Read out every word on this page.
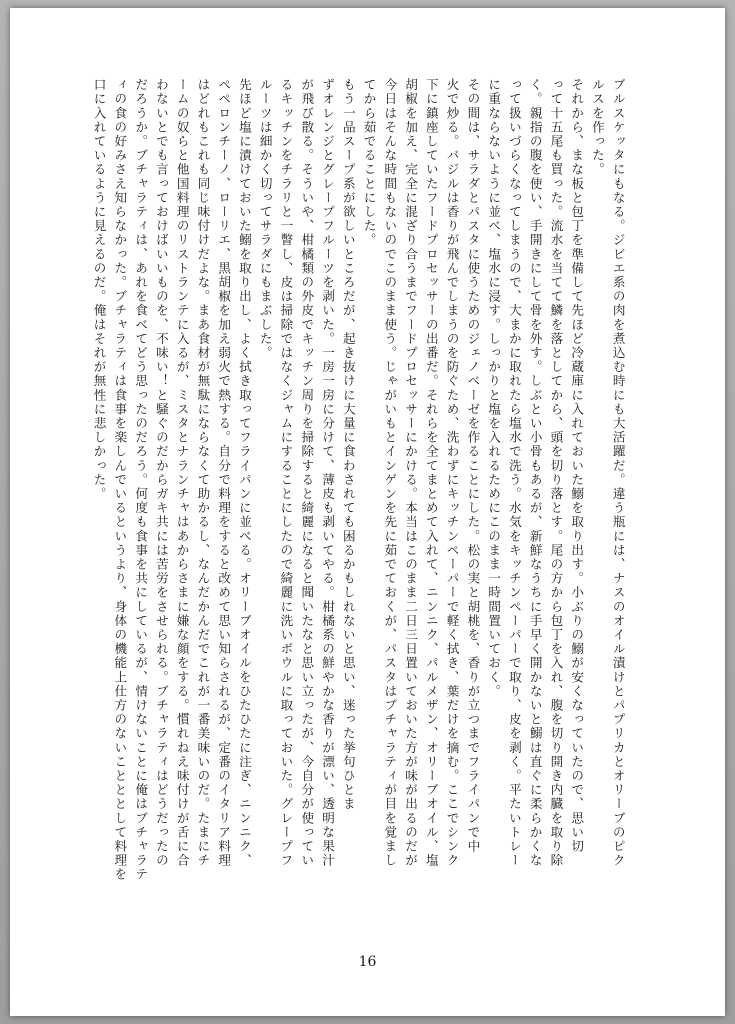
ブルスケッタにもなる。ジビエ系の肉を煮込む時にも大活躍だ。違う瓶には、ナスのオイル漬けとパプリカとオリーブのピク
ルスを作った。
それから、まな板と包丁を準備して先ほど冷蔵庫に入れておいた鰯を取り出す。小ぶりの鰯が安くなっていたので、思い切
って十五尾も買った。流水を当てて鱗を落としてから、頭を切り落とす。尾の方から包丁を入れ、腹を切り開き内臓を取り除
く。親指の腹を使い、手開きにして骨を外す。しぶとい小骨もあるが、新鮮なうちに手早く開かないと鰯は直ぐに柔らかくな
って扱いづらくなってしまうので、大まかに取れたら塩水で洗う。水気をキッチンペーパーで取り、皮を剥く。平たいトレー
に重ならないように並べ、塩水に浸す。しっかりと塩を入れるためにこのまま一時間置いておく。
その間は、サラダとパスタに使うためのジェノベーゼを作ることにした。松の実と胡桃を、香りが立つまでフライパンで中
火で炒る。バジルは香りが飛んでしまうのを防ぐため、洗わずにキッチンペーパーで軽く拭き、葉だけを摘む。ここでシンク
下に鎮座していたフードプロセッサーの出番だ。それらを全てまとめて入れて、ニンニク、パルメザン、オリーブオイル、塩
胡椒を加え、完全に混ざり合うまでフードプロセッサーにかける。本当はこのまま二日三日置いておいた方が味が出るのだが
今日はそんな時間もないのでこのまま使う。じゃがいもとインゲンを先に茹でておくが、パスタはブチャラティが目を覚まし
てから茹でることにした。
もう一品スープ系が欲しいところだが、起き抜けに大量に食わされても困るかもしれないと思い、迷った挙句ひとま
ずオレンジとグレープフルーツを剥いた。一房一房に分けて、薄皮も剥いてやる。柑橘系の鮮やかな香りが漂い、透明な果汁
が飛び散る。そういや、柑橘類の外皮でキッチン周りを掃除すると綺麗になると聞いたなと思い立ったが、今自分が使ってい
るキッチンをチラリと一瞥し、皮は掃除ではなくジャムにすることにしたので綺麗に洗いボウルに取っておいた。グレープフ
ルーツは細かく切ってサラダにもまぶした。
先ほど塩に漬けておいた鰯を取り出し、よく拭き取ってフライパンに並べる。オリーブオイルをひたひたに注ぎ、ニンニク、
ペペロンチーノ、ローリエ、黒胡椒を加え弱火で熱する。自分で料理をすると改めて思い知らされるが、定番のイタリア料理
はどれもこれも同じ味付けだよな。まあ食材が無駄にならなくて助かるし、なんだかんだでこれが一番美味いのだ。たまにチ
ームの奴らと他国料理のリストランテに入るが、ミスタとナランチャはあからさまに嫌な顔をする。慣れねえ味付けが舌に合
わないとでも言っておけばいいものを、不味い！と騒ぐのだからガキ共には苦労をさせられる。ブチャラティはどうだったの
だろうか。ブチャラティは、あれを食べてどう思ったのだろう。何度も食事を共にしているが、情けないことに俺はブチャラテ
ィの食の好みさえ知らなかった。ブチャラティは食事を楽しんでいるというより、身体の機能上仕方のないことととして料理を
口に入れているように見えるのだ。俺はそれが無性に悲しかった。
16
